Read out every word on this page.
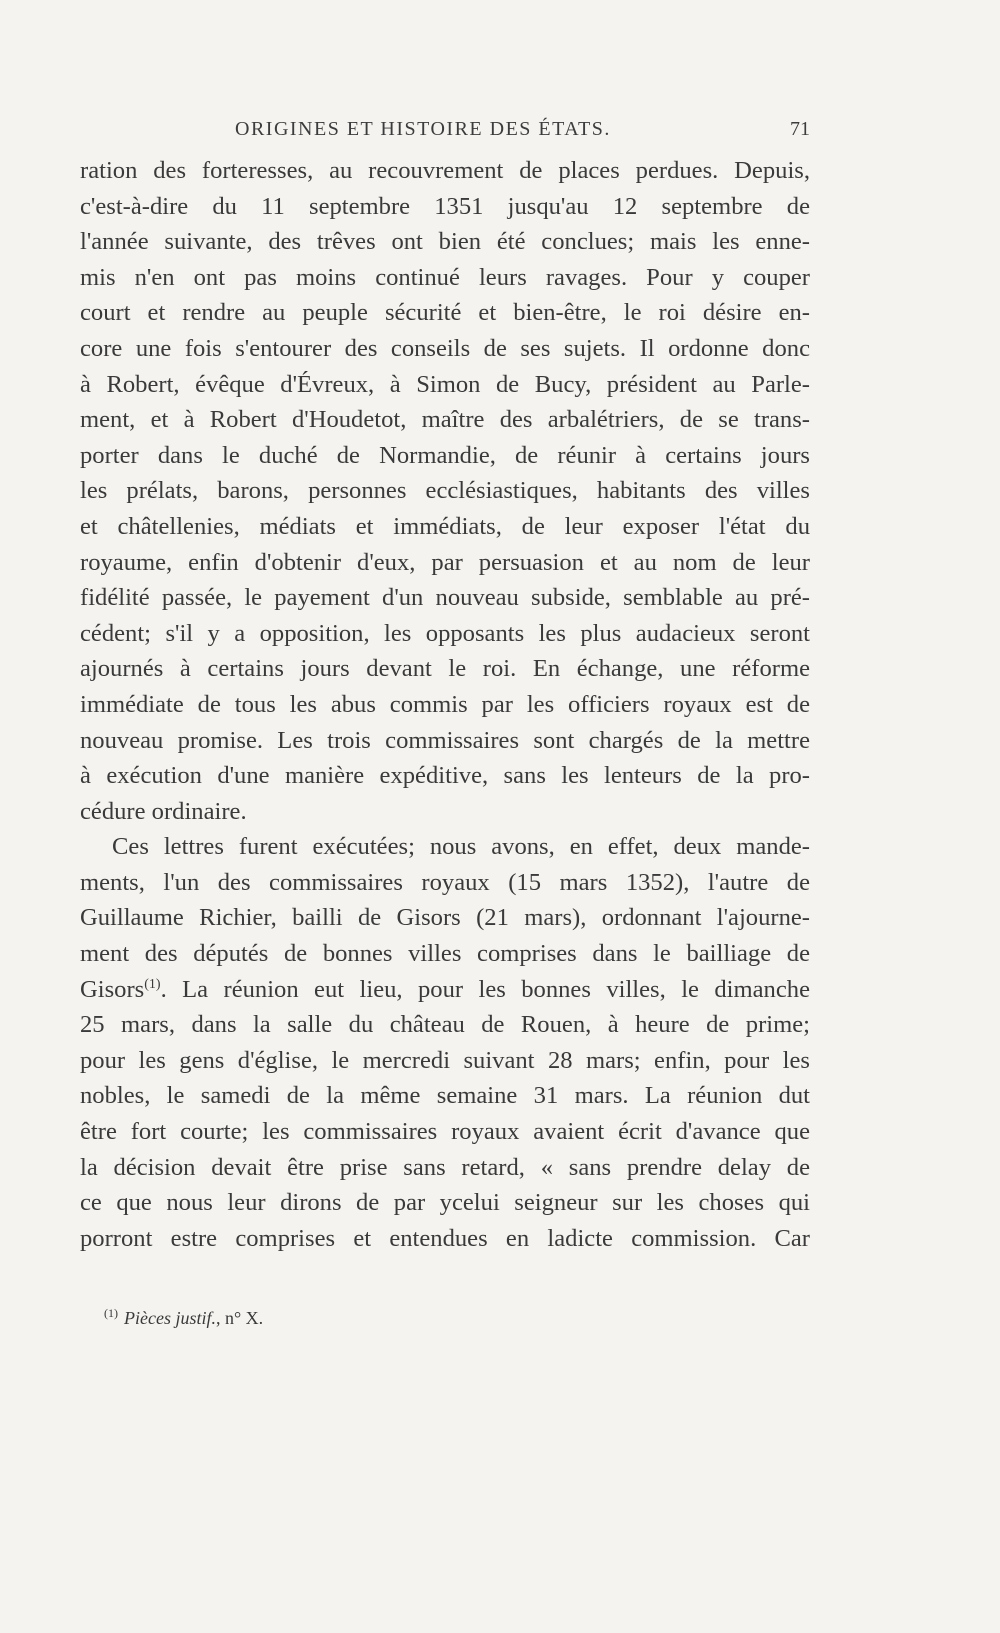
ORIGINES ET HISTOIRE DES ÉTATS.	71

ration des forteresses, au recouvrement de places perdues. Depuis,

c'est-à-dire du 11 septembre 1351 jusqu'au 12 septembre de

l'année suivante, des trêves ont bien été conclues; mais les enne-

mis n'en ont pas moins continué leurs ravages. Pour y couper

court et rendre au peuple sécurité et bien-être, le roi désire en-

core une fois s'entourer des conseils de ses sujets. Il ordonne donc

à Robert, évêque d'Évreux, à Simon de Bucy, président au Parle-

ment, et à Robert d'Houdetot, maître des arbalétriers, de se trans-

porter dans le duché de Normandie, de réunir à certains jours

les prélats, barons, personnes ecclésiastiques, habitants des villes

et châtellenies, médiats et immédiats, de leur exposer l'état du

royaume, enfin d'obtenir d'eux, par persuasion et au nom de leur

fidélité passée, le payement d'un nouveau subside, semblable au pré-

cédent; s'il y a opposition, les opposants les plus audacieux seront

ajournés à certains jours devant le roi. En échange, une réforme

immédiate de tous les abus commis par les officiers royaux est de

nouveau promise. Les trois commissaires sont chargés de la mettre

à exécution d'une manière expéditive, sans les lenteurs de la pro-

cédure ordinaire.

Ces lettres furent exécutées; nous avons, en effet, deux mande-

ments, l'un des commissaires royaux (15 mars 1352), l'autre de

Guillaume Richier, bailli de Gisors (21 mars), ordonnant l'ajourne-

ment des députés de bonnes villes comprises dans le bailliage de

Gisors$^{(1)}$. La réunion eut lieu, pour les bonnes villes, le dimanche

25 mars, dans la salle du château de Rouen, à heure de prime;

pour les gens d'église, le mercredi suivant 28 mars; enfin, pour les

nobles, le samedi de la même semaine 31 mars. La réunion dut

être fort courte; les commissaires royaux avaient écrit d'avance que

la décision devait être prise sans retard, « sans prendre delay de

ce que nous leur dirons de par ycelui seigneur sur les choses qui

porront estre comprises et entendues en ladicte commission. Car

$^{(1)}$ Pièces justif., n° X.
